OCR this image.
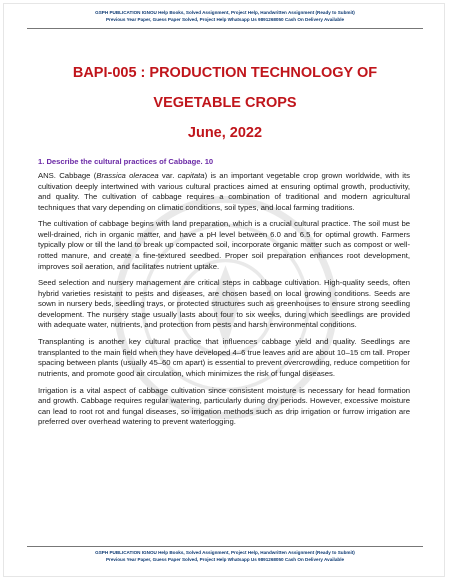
GSPH PUBLICATION IGNOU Help Books, Solved Assignment, Project Help, Handwritten Assignment (Ready to Submit)
Previous Year Paper, Guess Paper Solved, Project Help Whatsapp Us 9891268050 Cash On Delivery Available
BAPI-005 : PRODUCTION TECHNOLOGY OF
VEGETABLE CROPS
June, 2022
1. Describe the cultural practices of Cabbage. 10

ANS. Cabbage (Brassica oleracea var. capitata) is an important vegetable crop grown worldwide, with its cultivation deeply intertwined with various cultural practices aimed at ensuring optimal growth, productivity, and quality. The cultivation of cabbage requires a combination of traditional and modern agricultural techniques that vary depending on climatic conditions, soil types, and local farming traditions.

The cultivation of cabbage begins with land preparation, which is a crucial cultural practice. The soil must be well-drained, rich in organic matter, and have a pH level between 6.0 and 6.5 for optimal growth. Farmers typically plow or till the land to break up compacted soil, incorporate organic matter such as compost or well-rotted manure, and create a fine-textured seedbed. Proper soil preparation enhances root development, improves soil aeration, and facilitates nutrient uptake.

Seed selection and nursery management are critical steps in cabbage cultivation. High-quality seeds, often hybrid varieties resistant to pests and diseases, are chosen based on local growing conditions. Seeds are sown in nursery beds, seedling trays, or protected structures such as greenhouses to ensure strong seedling development. The nursery stage usually lasts about four to six weeks, during which seedlings are provided with adequate water, nutrients, and protection from pests and harsh environmental conditions.

Transplanting is another key cultural practice that influences cabbage yield and quality. Seedlings are transplanted to the main field when they have developed 4–6 true leaves and are about 10–15 cm tall. Proper spacing between plants (usually 45–60 cm apart) is essential to prevent overcrowding, reduce competition for nutrients, and promote good air circulation, which minimizes the risk of fungal diseases.

Irrigation is a vital aspect of cabbage cultivation since consistent moisture is necessary for head formation and growth. Cabbage requires regular watering, particularly during dry periods. However, excessive moisture can lead to root rot and fungal diseases, so irrigation methods such as drip irrigation or furrow irrigation are preferred over overhead watering to prevent waterlogging.

GSPH PUBLICATION IGNOU Help Books, Solved Assignment, Project Help, Handwritten Assignment (Ready to Submit)
Previous Year Paper, Guess Paper Solved, Project Help Whatsapp Us 9891268050 Cash On Delivery Available
